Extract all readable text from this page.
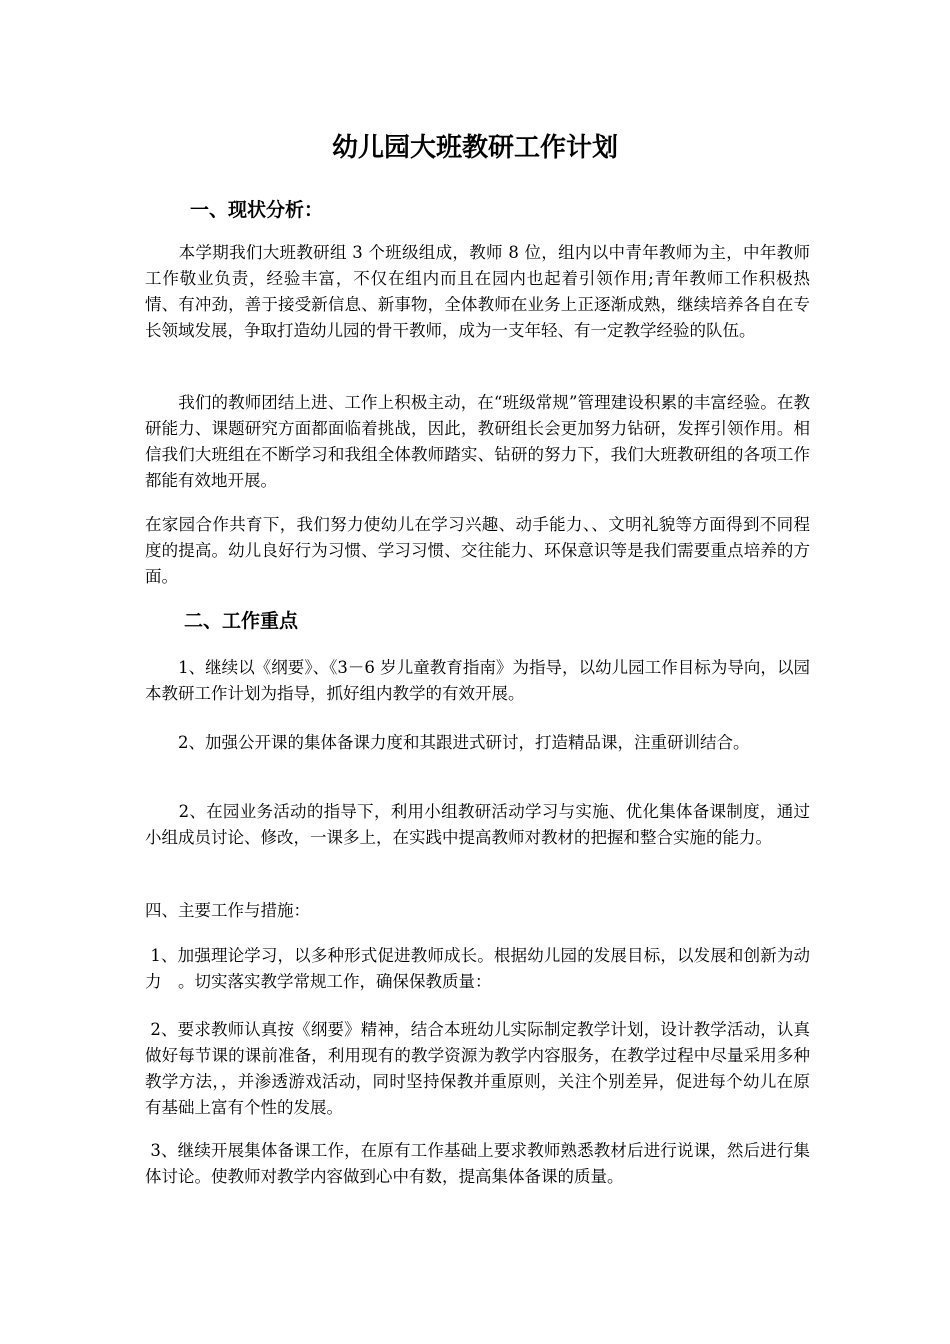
幼儿园大班教研工作计划
一、现状分析：
　　本学期我们大班教研组 3 个班级组成，教师 8 位，组内以中青年教师为主，中年教师工作敬业负责，经验丰富，不仅在组内而且在园内也起着引领作用;青年教师工作积极热情、有冲劲，善于接受新信息、新事物，全体教师在业务上正逐渐成熟，继续培养各自在专长领域发展，争取打造幼儿园的骨干教师，成为一支年轻、有一定教学经验的队伍。
　　我们的教师团结上进、工作上积极主动，在“班级常规”管理建设积累的丰富经验。在教研能力、课题研究方面都面临着挑战，因此，教研组长会更加努力钻研，发挥引领作用。相信我们大班组在不断学习和我组全体教师踏实、钻研的努力下，我们大班教研组的各项工作都能有效地开展。
在家园合作共育下，我们努力使幼儿在学习兴趣、动手能力、、文明礼貌等方面得到不同程度的提高。幼儿良好行为习惯、学习习惯、交往能力、环保意识等是我们需要重点培养的方面。
二、工作重点
　　1、继续以《纲要》、《3－6 岁儿童教育指南》为指导，以幼儿园工作目标为导向，以园本教研工作计划为指导，抓好组内教学的有效开展。
　　2、加强公开课的集体备课力度和其跟进式研讨，打造精品课，注重研训结合。
　　2、在园业务活动的指导下，利用小组教研活动学习与实施、优化集体备课制度，通过小组成员讨论、修改，一课多上，在实践中提高教师对教材的把握和整合实施的能力。
四、主要工作与措施：
1、加强理论学习，以多种形式促进教师成长。根据幼儿园的发展目标，以发展和创新为动力　。切实落实教学常规工作，确保保教质量：
2、要求教师认真按《纲要》精神，结合本班幼儿实际制定教学计划，设计教学活动，认真做好每节课的课前准备，利用现有的教学资源为教学内容服务，在教学过程中尽量采用多种教学方法，，并渗透游戏活动，同时坚持保教并重原则，关注个别差异，促进每个幼儿在原有基础上富有个性的发展。
3、继续开展集体备课工作，在原有工作基础上要求教师熟悉教材后进行说课，然后进行集体讨论。使教师对教学内容做到心中有数，提高集体备课的质量。
